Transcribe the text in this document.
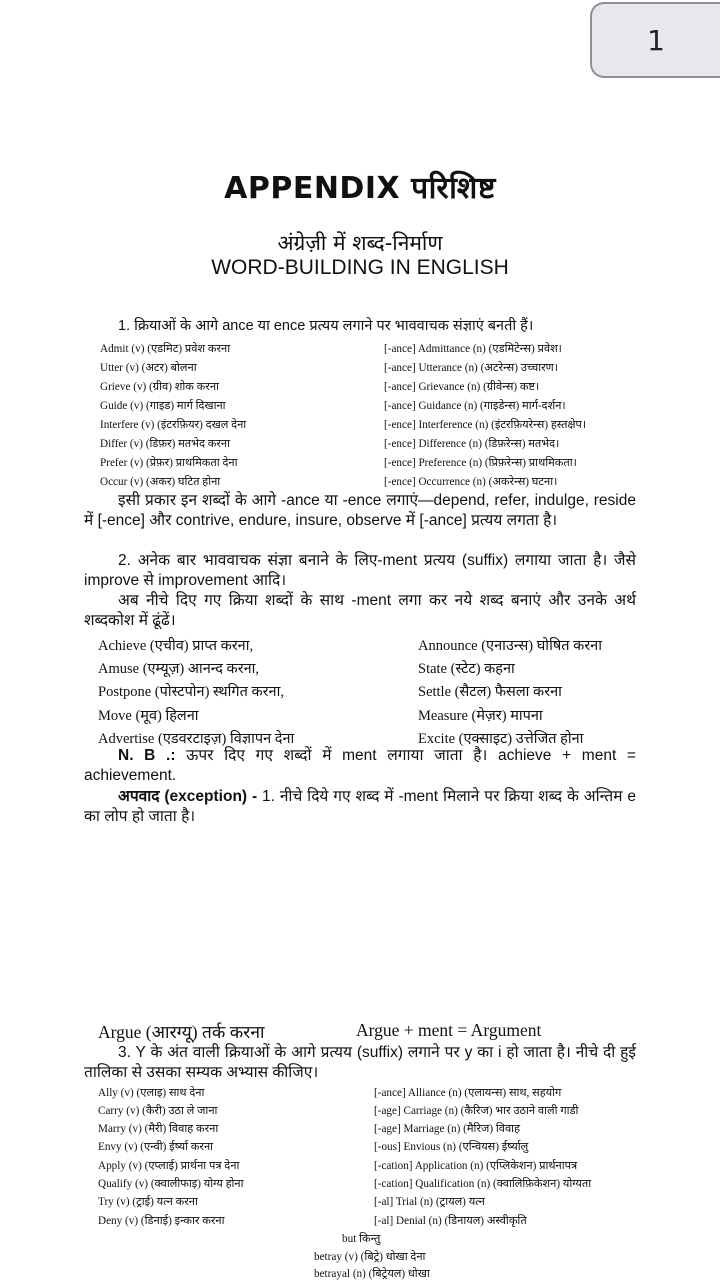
1
APPENDIX परिशिष्ट
अंग्रेज़ी में शब्द-निर्माण
WORD-BUILDING IN ENGLISH
1. क्रियाओं के आगे ance या ence प्रत्यय लगाने पर भाववाचक संज्ञाएं बनती हैं।
Admit (v) (एडमिट) प्रवेश करना	[-ance] Admittance (n) (एडमिटेन्स) प्रवेश।
Utter (v) (अटर) बोलना	[-ance] Utterance (n) (अटरेन्स) उच्चारण।
Grieve (v) (ग्रीव) शोक करना	[-ance] Grievance (n) (ग्रीवेन्स) कष्ट।
Guide (v) (गाइड) मार्ग दिखाना	[-ance] Guidance (n) (गाइडेन्स) मार्ग-दर्शन।
Interfere (v) (इंटरफ़ियर) दखल देना	[-ence] Interference (n) (इंटरफ़ियरेन्स) हस्तक्षेप।
Differ (v) (डिफ़र) मतभेद करना	[-ence] Difference (n) (डिफ़रेन्स) मतभेद।
Prefer (v) (प्रेफ़र) प्राथमिकता देना	[-ence] Preference (n) (प्रिफ़रेन्स) प्राथमिकता।
Occur (v) (अकर) घटित होना	[-ence] Occurrence (n) (अकरेन्स) घटना।
इसी प्रकार इन शब्दों के आगे -ance या -ence लगाएं—depend, refer, indulge, reside में [-ence] और contrive, endure, insure, observe में [-ance] प्रत्यय लगता है।
2. अनेक बार भाववाचक संज्ञा बनाने के लिए-ment प्रत्यय (suffix) लगाया जाता है। जैसे improve से improvement आदि।
अब नीचे दिए गए क्रिया शब्दों के साथ -ment लगा कर नये शब्द बनाएं और उनके अर्थ शब्दकोश में ढूंढें।
Achieve (एचीव) प्राप्त करना,	Announce (एनाउन्स) घोषित करना
Amuse (एम्यूज़) आनन्द करना,	State (स्टेट) कहना
Postpone (पोस्टपोन) स्थगित करना,	Settle (सैटल) फैसला करना
Move (मूव) हिलना	Measure (मेज़र) मापना
Advertise (एडवरटाइज़) विज्ञापन देना	Excite (एक्साइट) उत्तेजित होना
N. B .: ऊपर दिए गए शब्दों में ment लगाया जाता है। achieve + ment = achievement.
अपवाद (exception) - 1. नीचे दिये गए शब्द में -ment मिलाने पर क्रिया शब्द के अन्तिम e का लोप हो जाता है।
Argue (आरग्यू) तर्क करना	Argue + ment = Argument
3. Y के अंत वाली क्रियाओं के आगे प्रत्यय (suffix) लगाने पर y का i हो जाता है। नीचे दी हुई तालिका से उसका सम्यक अभ्यास कीजिए।
Ally (v) (एलाइ) साथ देना	[-ance] Alliance (n) (एलायन्स) साथ, सहयोग
Carry (v) (कैरी) उठा ले जाना	[-age] Carriage (n) (कैरिज) भार उठाने वाली गाडी
Marry (v) (मैरी) विवाह करना	[-age] Marriage (n) (मैरिज) विवाह
Envy (v) (एन्वी) ईर्ष्या करना	[-ous] Envious (n) (एन्वियस) ईर्ष्यालु
Apply (v) (एप्लाई) प्रार्थना पत्र देना	[-cation] Application (n) (एप्लिकेशन) प्रार्थनापत्र
Qualify (v) (क्वालीफाइ) योग्य होना	[-cation] Qualification (n) (क्वालिफ़िकेशन) योग्यता
Try (v) (ट्राई) यत्न करना	[-al] Trial (n) (ट्रायल) यत्न
Deny (v) (डिनाई) इन्कार करना	[-al] Denial (n) (डिनायल) अस्वीकृति
but किन्तु
betray (v) (बिट्रे) धोखा देना
betrayal (n) (बिट्रेयल) धोखा
